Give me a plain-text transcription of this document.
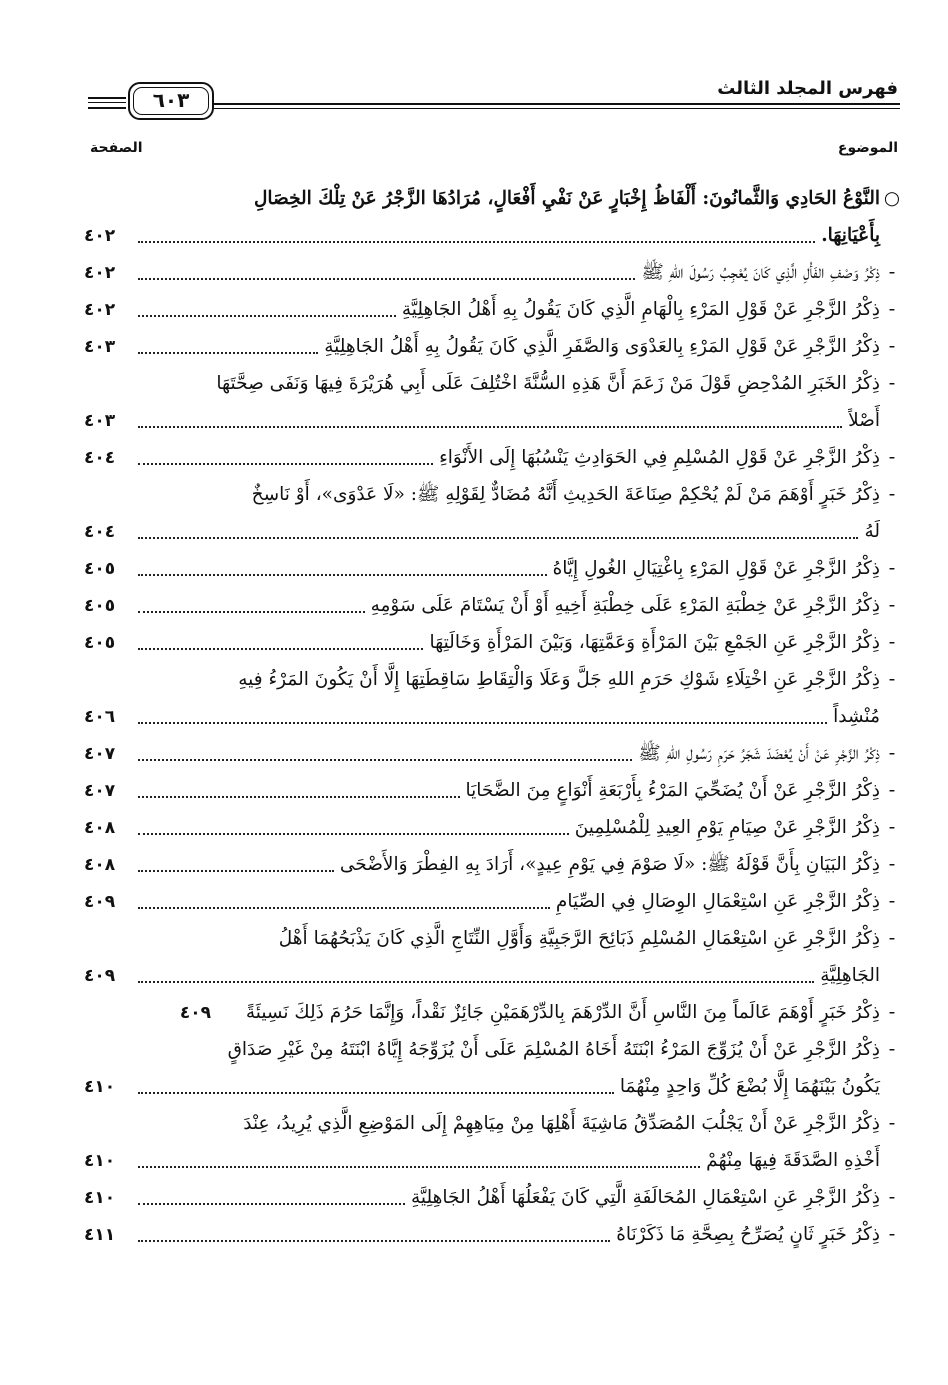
فهرس المجلد الثالث
٦٠٣
الموضوع
الصفحة
○
النَّوْعُ الحَادِي وَالثَّمانُونَ: أَلْفَاظُ إِخْبَارٍ عَنْ نَفْيِ أَفْعَالٍ، مُرَادُهَا الزَّجْرُ عَنْ تِلْكَ الخِصَالِ
بِأَعْيَانِهَا.
٤٠٢
-
ذِكْرُ وَصْفِ الفَأْلِ الَّذِي كَانَ يُعْجِبُ رَسُولَ اللهِ ﷺ
٤٠٢
-
ذِكْرُ الزَّجْرِ عَنْ قَوْلِ المَرْءِ بِالْهَامِ الَّذِي كَانَ يَقُولُ بِهِ أَهْلُ الجَاهِلِيَّةِ
٤٠٢
-
ذِكْرُ الزَّجْرِ عَنْ قَوْلِ المَرْءِ بِالعَدْوَى وَالصَّفَرِ الَّذِي كَانَ يَقُولُ بِهِ أَهْلُ الجَاهِلِيَّةِ
٤٠٣
-
ذِكْرُ الخَبَرِ المُدْحِضِ قَوْلَ مَنْ زَعَمَ أَنَّ هَذِهِ السُّنَّةَ اخْتُلِفَ عَلَى أَبِي هُرَيْرَةَ فِيهَا وَنَفَى صِحَّتَهَا
أَصْلاً
٤٠٣
-
ذِكْرُ الزَّجْرِ عَنْ قَوْلِ المُسْلِمِ فِي الحَوَادِثِ يَنْسُبُهَا إِلَى الأَنْوَاءِ
٤٠٤
-
ذِكْرُ خَبَرٍ أَوْهَمَ مَنْ لَمْ يُحْكِمْ صِنَاعَةَ الحَدِيثِ أَنَّهُ مُضَادٌّ لِقَوْلِهِ ﷺ: «لَا عَدْوَى»، أَوْ نَاسِخٌ
لَهُ
٤٠٤
-
ذِكْرُ الزَّجْرِ عَنْ قَوْلِ المَرْءِ بِاغْتِيَالِ الغُولِ إِيَّاهُ
٤٠٥
-
ذِكْرُ الزَّجْرِ عَنْ خِطْبَةِ المَرْءِ عَلَى خِطْبَةِ أَخِيهِ أَوْ أَنْ يَسْتَامَ عَلَى سَوْمِهِ
٤٠٥
-
ذِكْرُ الزَّجْرِ عَنِ الجَمْعِ بَيْنَ المَرْأَةِ وَعَمَّتِهَا، وَبَيْنَ المَرْأَةِ وَخَالَتِهَا
٤٠٥
-
ذِكْرُ الزَّجْرِ عَنِ اخْتِلَاءِ شَوْكِ حَرَمِ اللهِ جَلَّ وَعَلَا وَالْتِقَاطِ سَاقِطَتِهَا إِلَّا أَنْ يَكُونَ المَرْءُ فِيهِ
مُنْشِداً
٤٠٦
-
ذِكْرُ الزَّجْرِ عَنْ أَنْ يُعْضَدَ شَجَرُ حَرَمِ رَسُولِ اللهِ ﷺ
٤٠٧
-
ذِكْرُ الزَّجْرِ عَنْ أَنْ يُضَحِّيَ المَرْءُ بِأَرْبَعَةِ أَنْوَاعٍ مِنَ الضَّحَايَا
٤٠٧
-
ذِكْرُ الزَّجْرِ عَنْ صِيَامِ يَوْمِ العِيدِ لِلْمُسْلِمِينَ
٤٠٨
-
ذِكْرُ البَيَانِ بِأَنَّ قَوْلَهُ ﷺ: «لَا صَوْمَ فِي يَوْمِ عِيدٍ»، أَرَادَ بِهِ الفِطْرَ وَالأَضْحَى
٤٠٨
-
ذِكْرُ الزَّجْرِ عَنِ اسْتِعْمَالِ الوِصَالِ فِي الصِّيَامِ
٤٠٩
-
ذِكْرُ الزَّجْرِ عَنِ اسْتِعْمَالِ المُسْلِمِ ذَبَائِحَ الرَّجَبِيَّةِ وَأَوَّلِ النِّتَاجِ الَّذِي كَانَ يَذْبَحُهُمَا أَهْلُ
الجَاهِلِيَّةِ
٤٠٩
-
ذِكْرُ خَبَرٍ أَوْهَمَ عَالَماً مِنَ النَّاسِ أَنَّ الدِّرْهَمَ بِالدِّرْهَمَيْنِ جَائِزٌ نَقْداً، وَإِنَّمَا حَرُمَ ذَلِكَ نَسِيئَةً
٤٠٩
-
ذِكْرُ الزَّجْرِ عَنْ أَنْ يُزَوِّجَ المَرْءُ ابْنَتَهُ أَخَاهُ المُسْلِمَ عَلَى أَنْ يُزَوِّجَهُ إِيَّاهُ ابْنَتَهُ مِنْ غَيْرِ صَدَاقٍ
يَكُونُ بَيْنَهُمَا إِلَّا بُضْعَ كُلِّ وَاحِدٍ مِنْهُمَا
٤١٠
-
ذِكْرُ الزَّجْرِ عَنْ أَنْ يَجْلُبَ المُصَدِّقُ مَاشِيَةَ أَهْلِهَا مِنْ مِيَاهِهِمْ إِلَى المَوْضِعِ الَّذِي يُرِيدُ، عِنْدَ
أَخْذِهِ الصَّدَقَةَ فِيهَا مِنْهُمْ
٤١٠
-
ذِكْرُ الزَّجْرِ عَنِ اسْتِعْمَالِ المُحَالَفَةِ الَّتِي كَانَ يَفْعَلُهَا أَهْلُ الجَاهِلِيَّةِ
٤١٠
-
ذِكْرُ خَبَرٍ ثَانٍ يُصَرِّحُ بِصِحَّةِ مَا ذَكَرْنَاهُ
٤١١
